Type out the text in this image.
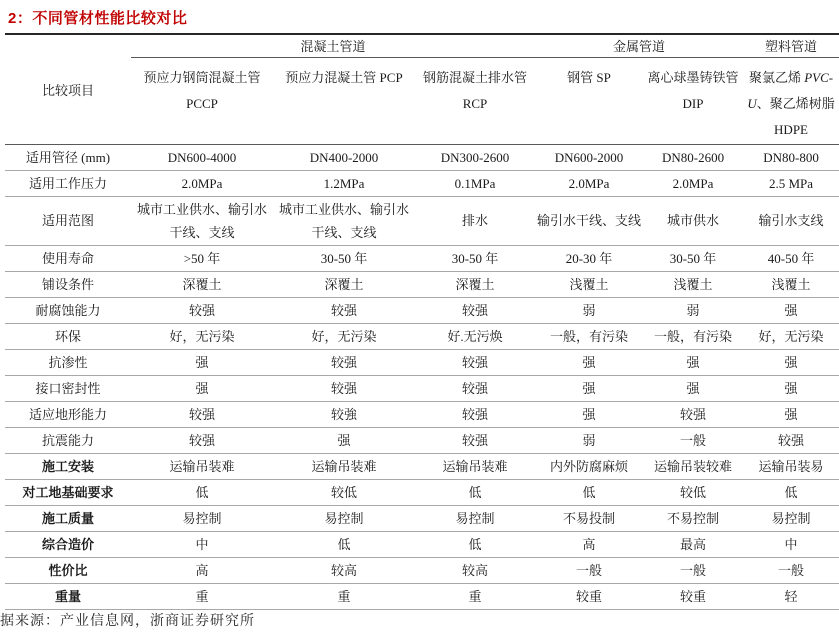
2：不同管材性能比较对比
比较项目	混凝土管道			金属管道		塑料管道
	预应力钢筒混凝土管 PCCP	预应力混凝土管 PCP	钢筋混凝土排水管 RCP	钢管 SP	离心球墨铸铁管 DIP	聚氯乙烯 PVC-U、聚乙烯树脂 HDPE
适用管径 (mm)	DN600-4000	DN400-2000	DN300-2600	DN600-2000	DN80-2600	DN80-800
适用工作压力	2.0MPa	1.2MPa	0.1MPa	2.0MPa	2.0MPa	2.5 MPa
适用范图	城市工业供水、输引水干线、支线	城市工业供水、输引水干线、支线	排水	输引水干线、支线	城市供水	输引水支线
使用寿命	>50 年	30-50 年	30-50 年	20-30 年	30-50 年	40-50 年
铺设条件	深覆土	深覆土	深覆土	浅覆土	浅覆土	浅覆土
耐腐蚀能力	较强	较强	较强	弱	弱	强
环保	好，无污染	好，无污染	好.无污焕	一般，有污染	一般，有污染	好，无污染
抗渗性	强	较强	较强	强	强	强
接口密封性	强	较强	较强	强	强	强
适应地形能力	较强	较強	较强	强	较强	强
抗震能力	较强	强	较强	弱	一般	较强
施工安装	运输吊装难	运输吊装难	运输吊装难	内外防腐麻烦	运输吊装较难	运输吊装易
对工地基础要求	低	较低	低	低	较低	低
施工质量	易控制	易控制	易控制	不易投制	不易控制	易控制
综合造价	中	低	低	高	最高	中
性价比	高	较高	较高	一般	一般	一般
重量	重	重	重	较重	较重	轻
据来源：产业信息网，浙商证券研究所
